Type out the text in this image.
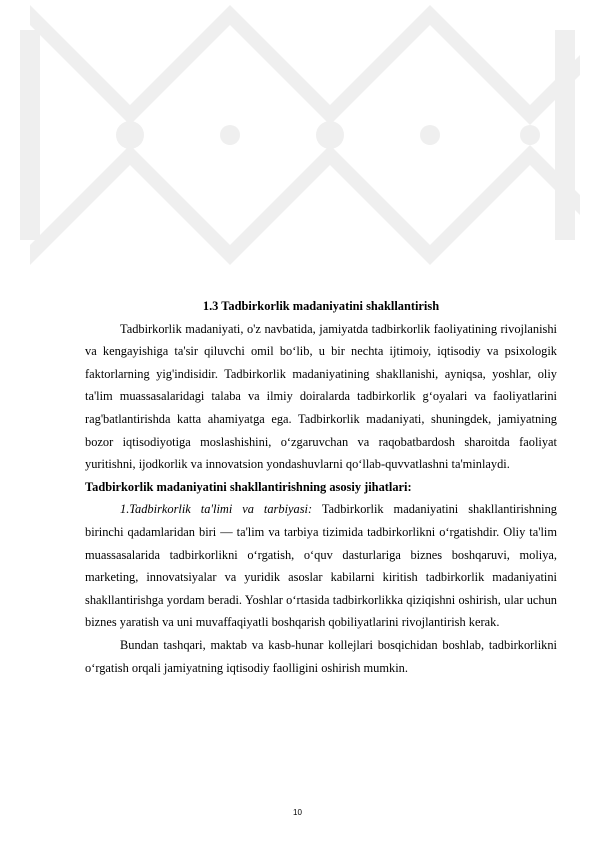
1.3 Tadbirkorlik madaniyatini shakllantirish

Tadbirkorlik madaniyati, o'z navbatida, jamiyatda tadbirkorlik faoliyatining rivojlanishi va kengayishiga ta'sir qiluvchi omil bo‘lib, u bir nechta ijtimoiy, iqtisodiy va psixologik faktorlarning yig'indisidir. Tadbirkorlik madaniyatining shakllanishi, ayniqsa, yoshlar, oliy ta'lim muassasalaridagi talaba va ilmiy doiralarda tadbirkorlik g‘oyalari va faoliyatlarini rag'batlantirishda katta ahamiyatga ega. Tadbirkorlik madaniyati, shuningdek, jamiyatning bozor iqtisodiyotiga moslashishini, o‘zgaruvchan va raqobatbardosh sharoitda faoliyat yuritishni, ijodkorlik va innovatsion yondashuvlarni qo‘llab-quvvatlashni ta'minlaydi.

Tadbirkorlik madaniyatini shakllantirishning asosiy jihatlari:

1.Tadbirkorlik ta'limi va tarbiyasi: Tadbirkorlik madaniyatini shakllantirishning birinchi qadamlaridan biri — ta'lim va tarbiya tizimida tadbirkorlikni o‘rgatishdir. Oliy ta'lim muassasalarida tadbirkorlikni o‘rgatish, o‘quv dasturlariga biznes boshqaruvi, moliya, marketing, innovatsiyalar va yuridik asoslar kabilarni kiritish tadbirkorlik madaniyatini shakllantirishga yordam beradi. Yoshlar o‘rtasida tadbirkorlikka qiziqishni oshirish, ular uchun biznes yaratish va uni muvaffaqiyatli boshqarish qobiliyatlarini rivojlantirish kerak.

Bundan tashqari, maktab va kasb-hunar kollejlari bosqichidan boshlab, tadbirkorlikni o‘rgatish orqali jamiyatning iqtisodiy faolligini oshirish mumkin.

10
